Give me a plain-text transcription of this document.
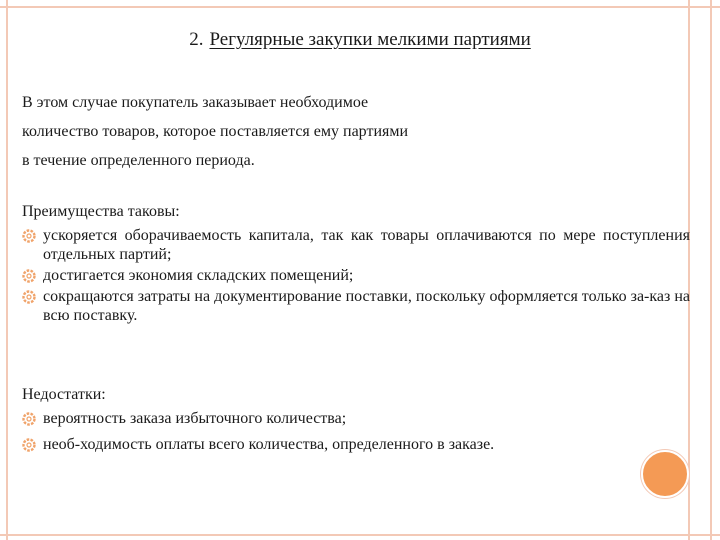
2. Регулярные закупки мелкими партиями
В этом случае покупатель заказывает необходимое
количество товаров, которое поставляется ему партиями
в течение определенного периода.
Преимущества таковы:
ускоряется оборачиваемость капитала, так как товары оплачиваются по мере поступления отдельных партий;
достигается экономия складских помещений;
сокращаются затраты на документирование поставки, поскольку оформляется только за-каз на всю поставку.
Недостатки:
вероятность заказа избыточного количества;
необ-ходимость оплаты всего количества, определенного в заказе.
